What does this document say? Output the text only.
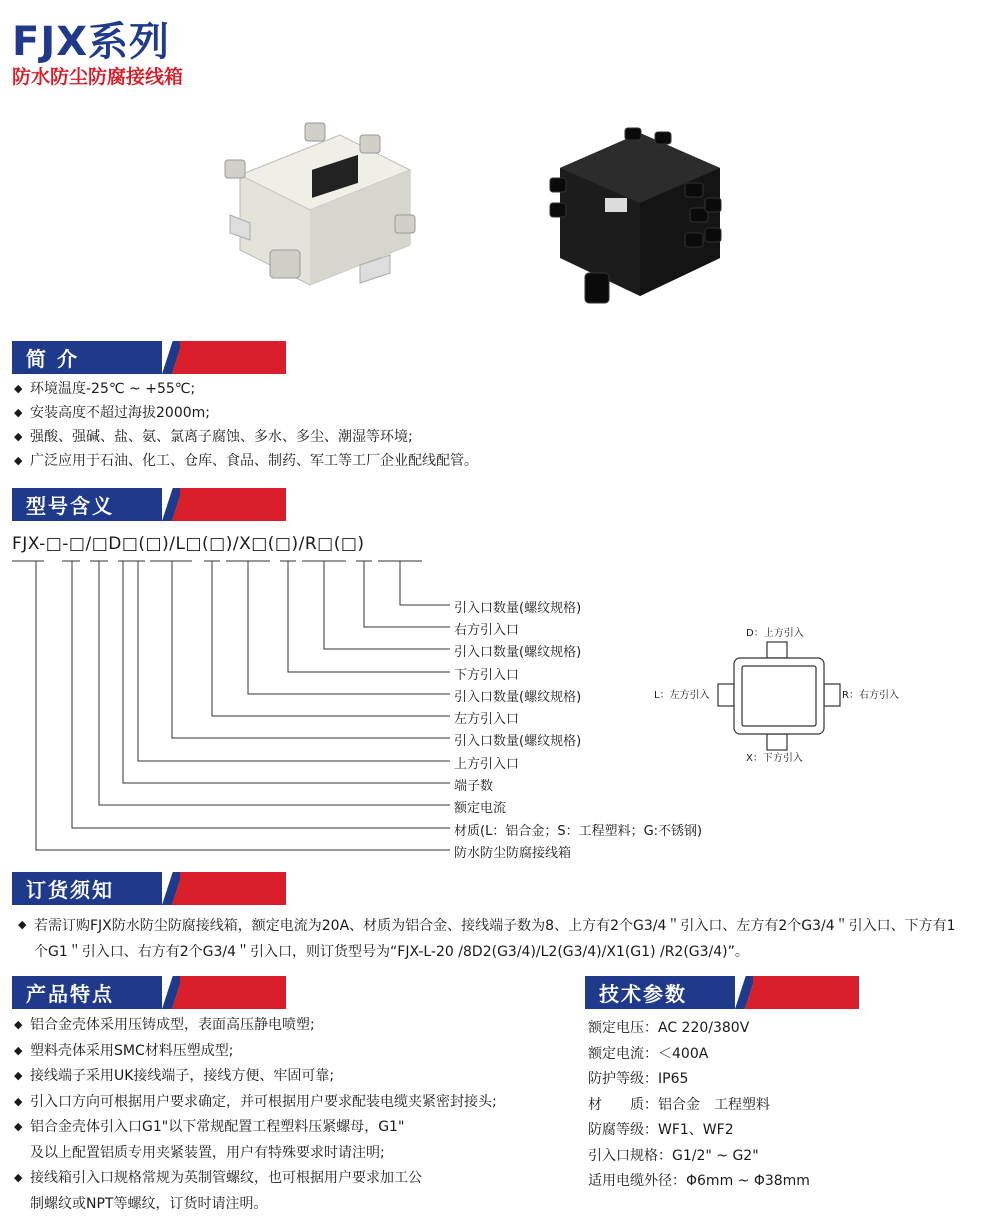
FJX系列
防水防尘防腐接线箱
简 介
◆ 环境温度-25℃ ~ +55℃;
◆ 安装高度不超过海拔2000m;
◆ 强酸、强碱、盐、氨、氯离子腐蚀、多水、多尘、潮湿等环境;
◆ 广泛应用于石油、化工、仓库、食品、制药、军工等工厂企业配线配管。
型号含义
FJX-□-□/□D□(□)/L□(□)/X□(□)/R□(□)
引入口数量(螺纹规格)
右方引入口
引入口数量(螺纹规格)
下方引入口
引入口数量(螺纹规格)
左方引入口
引入口数量(螺纹规格)
上方引入口
端子数
额定电流
材质(L：铝合金；S：工程塑料；G:不锈钢)
防水防尘防腐接线箱
D：上方引入
L：左方引入	R：右方引入
X：下方引入
订货须知
◆ 若需订购FJX防水防尘防腐接线箱，额定电流为20A、材质为铝合金、接线端子数为8、上方有2个G3/4＂引入口、左方有2个G3/4＂引入口、下方有1个G1＂引入口、右方有2个G3/4＂引入口，则订货型号为“FJX-L-20 /8D2(G3/4)/L2(G3/4)/X1(G1) /R2(G3/4)”。
产品特点
◆ 铝合金壳体采用压铸成型，表面高压静电喷塑;
◆ 塑料壳体采用SMC材料压塑成型;
◆ 接线端子采用UK接线端子，接线方便、牢固可靠;
◆ 引入口方向可根据用户要求确定，并可根据用户要求配装电缆夹紧密封接头;
◆ 铝合金壳体引入口G1"以下常规配置工程塑料压紧螺母，G1"
及以上配置铝质专用夹紧装置，用户有特殊要求时请注明;
◆ 接线箱引入口规格常规为英制管螺纹，也可根据用户要求加工公
制螺纹或NPT等螺纹，订货时请注明。
技术参数
额定电压：AC 220/380V
额定电流：＜400A
防护等级：IP65
材　　质：铝合金　工程塑料
防腐等级：WF1、WF2
引入口规格：G1/2" ~ G2"
适用电缆外径：Φ6mm ~ Φ38mm
